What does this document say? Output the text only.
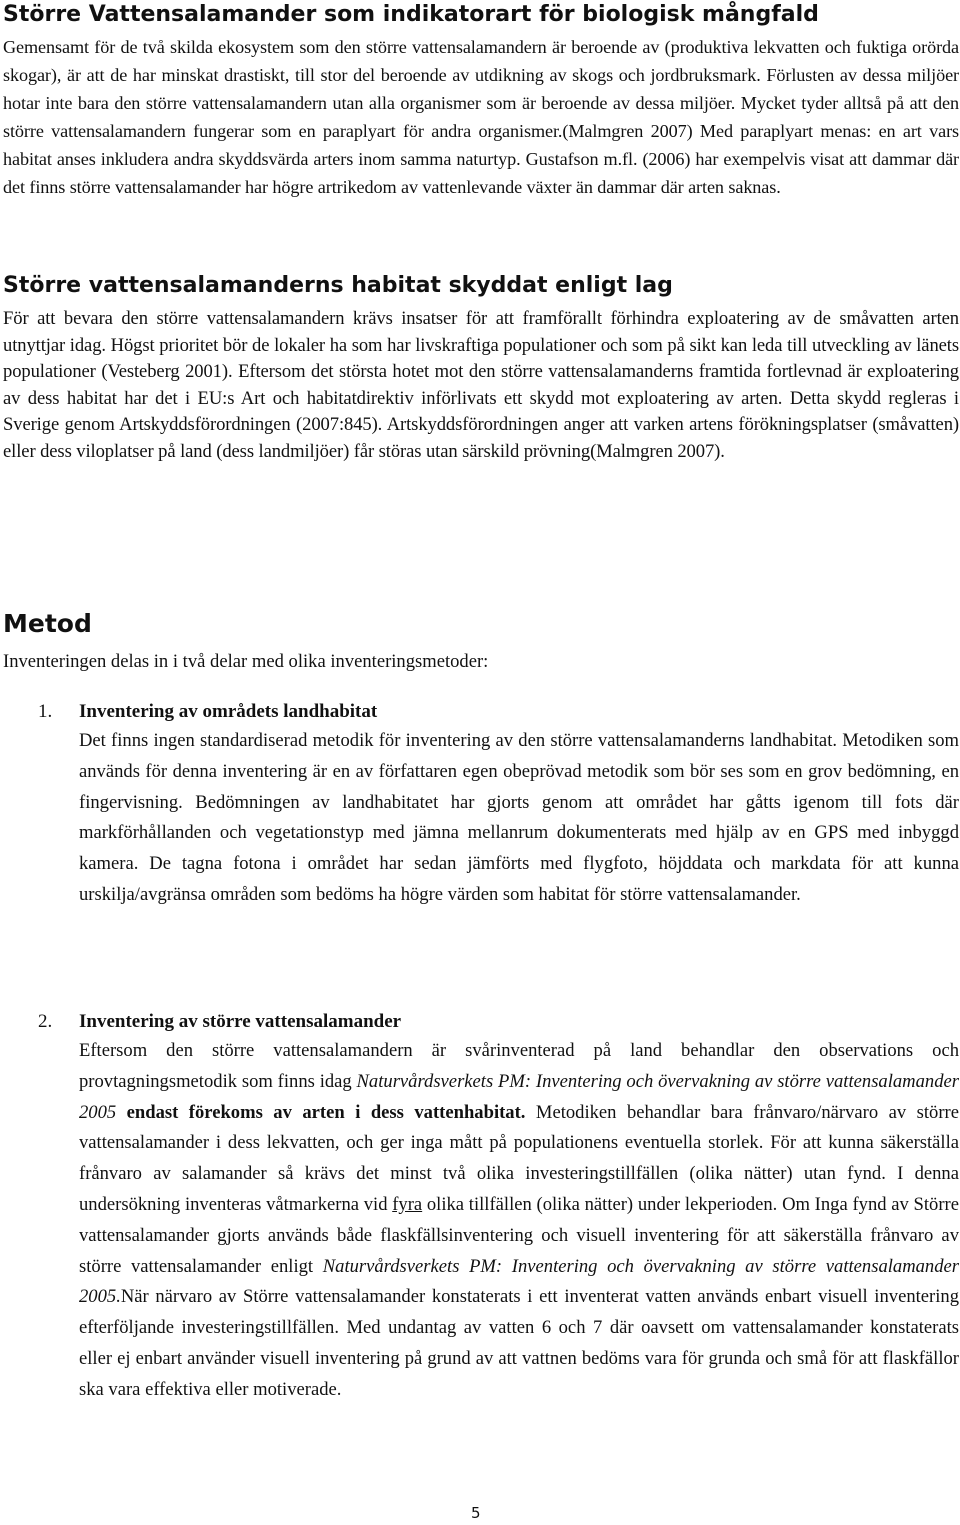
Större Vattensalamander som indikatorart för biologisk mångfald

Gemensamt för de två skilda ekosystem som den större vattensalamandern är beroende av (produktiva lekvatten och fuktiga orörda skogar), är att de har minskat drastiskt, till stor del beroende av utdikning av skogs och jordbruksmark. Förlusten av dessa miljöer hotar inte bara den större vattensalamandern utan alla organismer som är beroende av dessa miljöer. Mycket tyder alltså på att den större vattensalamandern fungerar som en paraplyart för andra organismer.(Malmgren 2007) Med paraplyart menas: en art vars habitat anses inkludera andra skyddsvärda arters inom samma naturtyp. Gustafson m.fl. (2006) har exempelvis visat att dammar där det finns större vattensalamander har högre artrikedom av vattenlevande växter än dammar där arten saknas.

Större vattensalamanderns habitat skyddat enligt lag

För att bevara den större vattensalamandern krävs insatser för att framförallt förhindra exploatering av de småvatten arten utnyttjar idag. Högst prioritet bör de lokaler ha som har livskraftiga populationer och som på sikt kan leda till utveckling av länets populationer (Vesteberg 2001). Eftersom det största hotet mot den större vattensalamanderns framtida fortlevnad är exploatering av dess habitat har det i EU:s Art och habitatdirektiv införlivats ett skydd mot exploatering av arten. Detta skydd regleras i Sverige genom Artskyddsförordningen (2007:845). Artskyddsförordningen anger att varken artens förökningsplatser (småvatten) eller dess viloplatser på land (dess landmiljöer) får störas utan särskild prövning(Malmgren 2007).

Metod

Inventeringen delas in i två delar med olika inventeringsmetoder:

1. Inventering av områdets landhabitat

Det finns ingen standardiserad metodik för inventering av den större vattensalamanderns landhabitat. Metodiken som används för denna inventering är en av författaren egen obeprövad metodik som bör ses som en grov bedömning, en fingervisning. Bedömningen av landhabitatet har gjorts genom att området har gåtts igenom till fots där markförhållanden och vegetationstyp med jämna mellanrum dokumenterats med hjälp av en GPS med inbyggd kamera. De tagna fotona i området har sedan jämförts med flygfoto, höjddata och markdata för att kunna urskilja/avgränsa områden som bedöms ha högre värden som habitat för större vattensalamander.

2. Inventering av större vattensalamander

Eftersom den större vattensalamandern är svårinventerad på land behandlar den observations och provtagningsmetodik som finns idag Naturvårdsverkets PM: Inventering och övervakning av större vattensalamander 2005 endast förekoms av arten i dess vattenhabitat. Metodiken behandlar bara frånvaro/närvaro av större vattensalamander i dess lekvatten, och ger inga mått på populationens eventuella storlek. För att kunna säkerställa frånvaro av salamander så krävs det minst två olika investeringstillfällen (olika nätter) utan fynd. I denna undersökning inventeras våtmarkerna vid fyra olika tillfällen (olika nätter) under lekperioden. Om Inga fynd av Större vattensalamander gjorts används både flaskfällsinventering och visuell inventering för att säkerställa frånvaro av större vattensalamander enligt Naturvårdsverkets PM: Inventering och övervakning av större vattensalamander 2005.När närvaro av Större vattensalamander konstaterats i ett inventerat vatten används enbart visuell inventering efterföljande investeringstillfällen. Med undantag av vatten 6 och 7 där oavsett om vattensalamander konstaterats eller ej enbart använder visuell inventering på grund av att vattnen bedöms vara för grunda och små för att flaskfällor ska vara effektiva eller motiverade.

5
